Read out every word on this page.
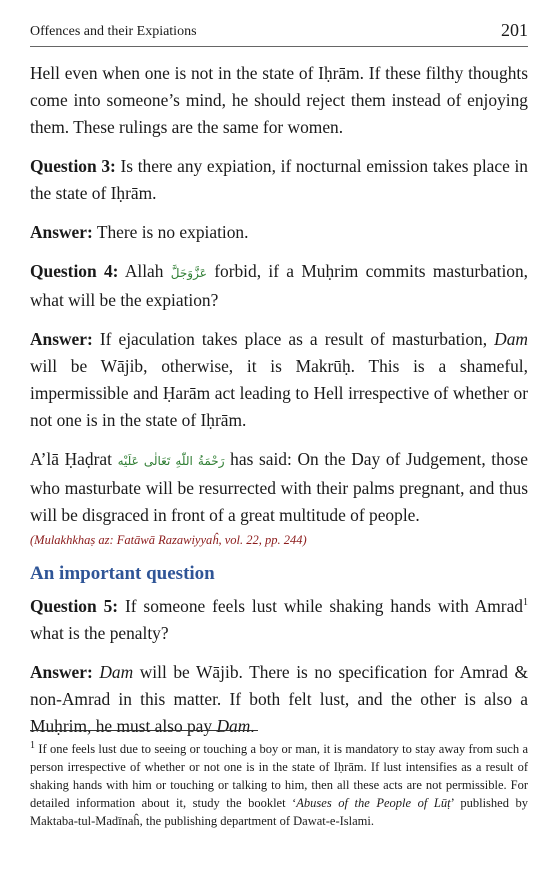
Offences and their Expiations	201

Hell even when one is not in the state of Iḥrām. If these filthy thoughts come into someone’s mind, he should reject them instead of enjoying them. These rulings are the same for women.

Question 3: Is there any expiation, if nocturnal emission takes place in the state of Iḥrām.

Answer: There is no expiation.

Question 4: Allah عَزَّوَجَلَّ forbid, if a Muḥrim commits masturbation, what will be the expiation?

Answer: If ejaculation takes place as a result of masturbation, Dam will be Wājib, otherwise, it is Makrūḥ. This is a shameful, impermissible and Ḥarām act leading to Hell irrespective of whether or not one is in the state of Iḥrām.

A’lā Ḥaḍrat رَحْمَةُ اللّٰهِ تَعَالٰی عَلَيْه has said: On the Day of Judgement, those who masturbate will be resurrected with their palms pregnant, and thus will be disgraced in front of a great multitude of people.

(Mulakhkhaṣ az: Fatāwā Razawiyyaĥ, vol. 22, pp. 244)

An important question

Question 5: If someone feels lust while shaking hands with Amrad$^1$ what is the penalty?

Answer: Dam will be Wājib. There is no specification for Amrad & non-Amrad in this matter. If both felt lust, and the other is also a Muḥrim, he must also pay Dam.

$^1$ If one feels lust due to seeing or touching a boy or man, it is mandatory to stay away from such a person irrespective of whether or not one is in the state of Iḥrām. If lust intensifies as a result of shaking hands with him or touching or talking to him, then all these acts are not permissible. For detailed information about it, study the booklet ‘Abuses of the People of Lūṭ’ published by Maktaba-tul-Madīnaĥ, the publishing department of Dawat-e-Islami.
